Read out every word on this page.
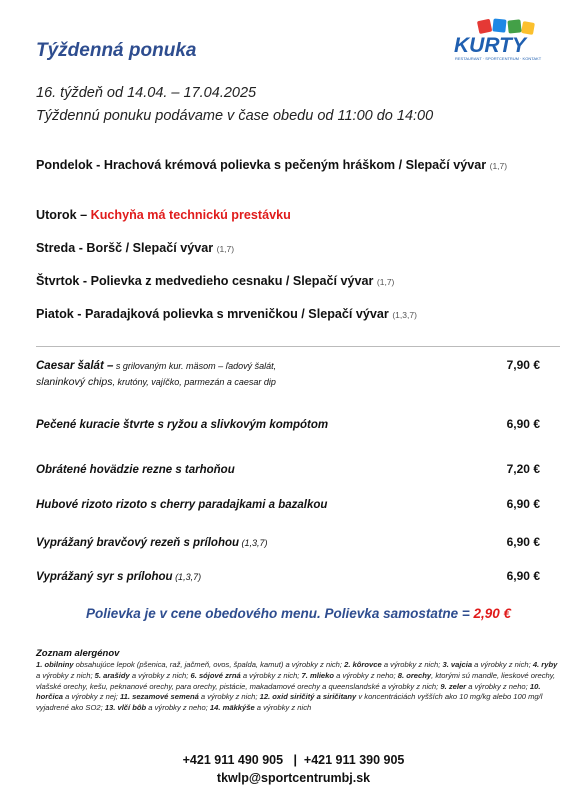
Týždenná ponuka	KURTY
RESTAURANT · SPORTCENTRUM · KONTAKT
16. týždeň od 14.04. – 17.04.2025
Týždennú ponuku podávame v čase obedu od 11:00 do 14:00
Pondelok - Hrachová krémová polievka s pečeným hráškom / Slepačí vývar (1,7)
Utorok – Kuchyňa má technickú prestávku
Streda - Boršč / Slepačí vývar (1,7)
Štvrtok - Polievka z medvedieho cesnaku / Slepačí vývar (1,7)
Piatok - Paradajková polievka s mrveničkou / Slepačí vývar (1,3,7)
Caesar šalát – s grilovaným kur. mäsom – ľadový šalát,
slaninkový chips, krutóny, vajíčko, parmezán a caesar dip
7,90 €
Pečené kuracie štvrte s ryžou a slivkovým kompótom	6,90 €
Obrátené hovädzie rezne s tarhoňou	7,20 €
Hubové rizoto rizoto s cherry paradajkami a bazalkou	6,90 €
Vyprážaný bravčový rezeň s prílohou (1,3,7)	6,90 €
Vyprážaný syr s prílohou (1,3,7)	6,90 €
Polievka je v cene obedového menu. Polievka samostatne = 2,90 €
Zoznam alergénov
1. obilniny obsahujúce lepok (pšenica, raž, jačmeň, ovos, špalda, kamut) a výrobky z nich; 2. kôrovce a výrobky z nich; 3. vajcia a výrobky z nich; 4. ryby a výrobky z nich; 5. arašidy a výrobky z nich; 6. sójové zrná a výrobky z nich; 7. mlieko a výrobky z neho; 8. orechy, ktorými sú mandle, lieskové orechy, vlašské orechy, kešu, peknanové orechy, para orechy, pistácie, makadamové orechy a queenslandské a výrobky z nich; 9. zeler a výrobky z neho; 10. horčica a výrobky z nej; 11. sezamové semená a výrobky z nich; 12. oxid siričitý a siričitany v koncentráciách vyšších ako 10 mg/kg alebo 100 mg/l vyjadrené ako SO2; 13. vlčí bôb a výrobky z neho; 14. mäkkýše a výrobky z nich
+421 911 490 905   |  +421 911 390 905
tkwlp@sportcentrumbj.sk
